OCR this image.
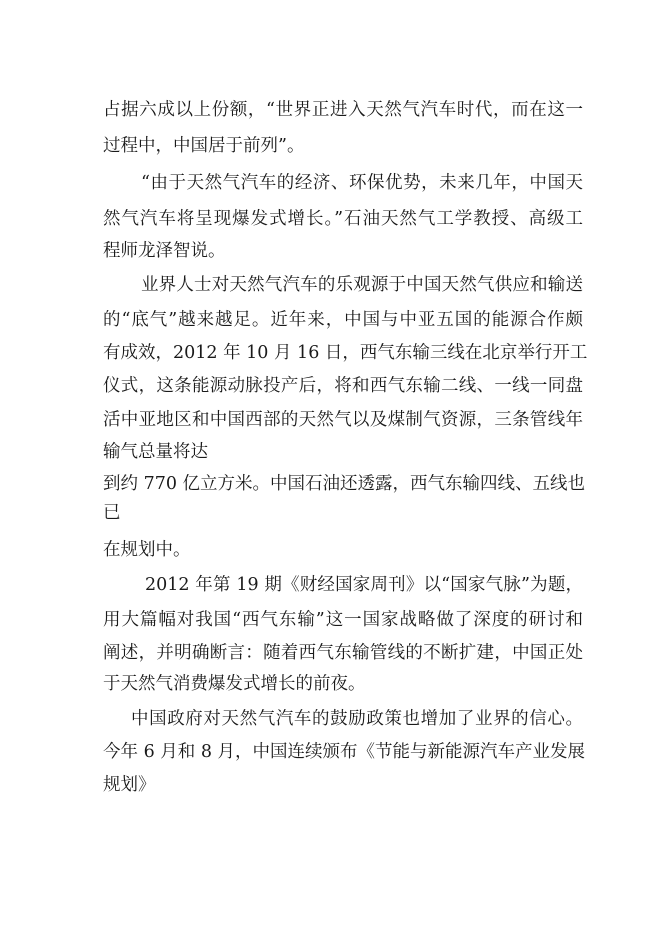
占据六成以上份额，“世界正进入天然气汽车时代，而在这一
过程中，中国居于前列”。
“由于天然气汽车的经济、环保优势，未来几年，中国天
然气汽车将呈现爆发式增长。”石油天然气工学教授、高级工
程师龙泽智说。
业界人士对天然气汽车的乐观源于中国天然气供应和输送
的“底气”越来越足。近年来，中国与中亚五国的能源合作颇
有成效，2012 年 10 月 16 日，西气东输三线在北京举行开工
仪式，这条能源动脉投产后，将和西气东输二线、一线一同盘
活中亚地区和中国西部的天然气以及煤制气资源，三条管线年
输气总量将达
到约 770 亿立方米。中国石油还透露，西气东输四线、五线也
已
在规划中。
2012 年第 19 期《财经国家周刊》以“国家气脉”为题，
用大篇幅对我国“西气东输”这一国家战略做了深度的研讨和
阐述，并明确断言：随着西气东输管线的不断扩建，中国正处
于天然气消费爆发式增长的前夜。
中国政府对天然气汽车的鼓励政策也增加了业界的信心。
今年 6 月和 8 月，中国连续颁布《节能与新能源汽车产业发展
规划》
